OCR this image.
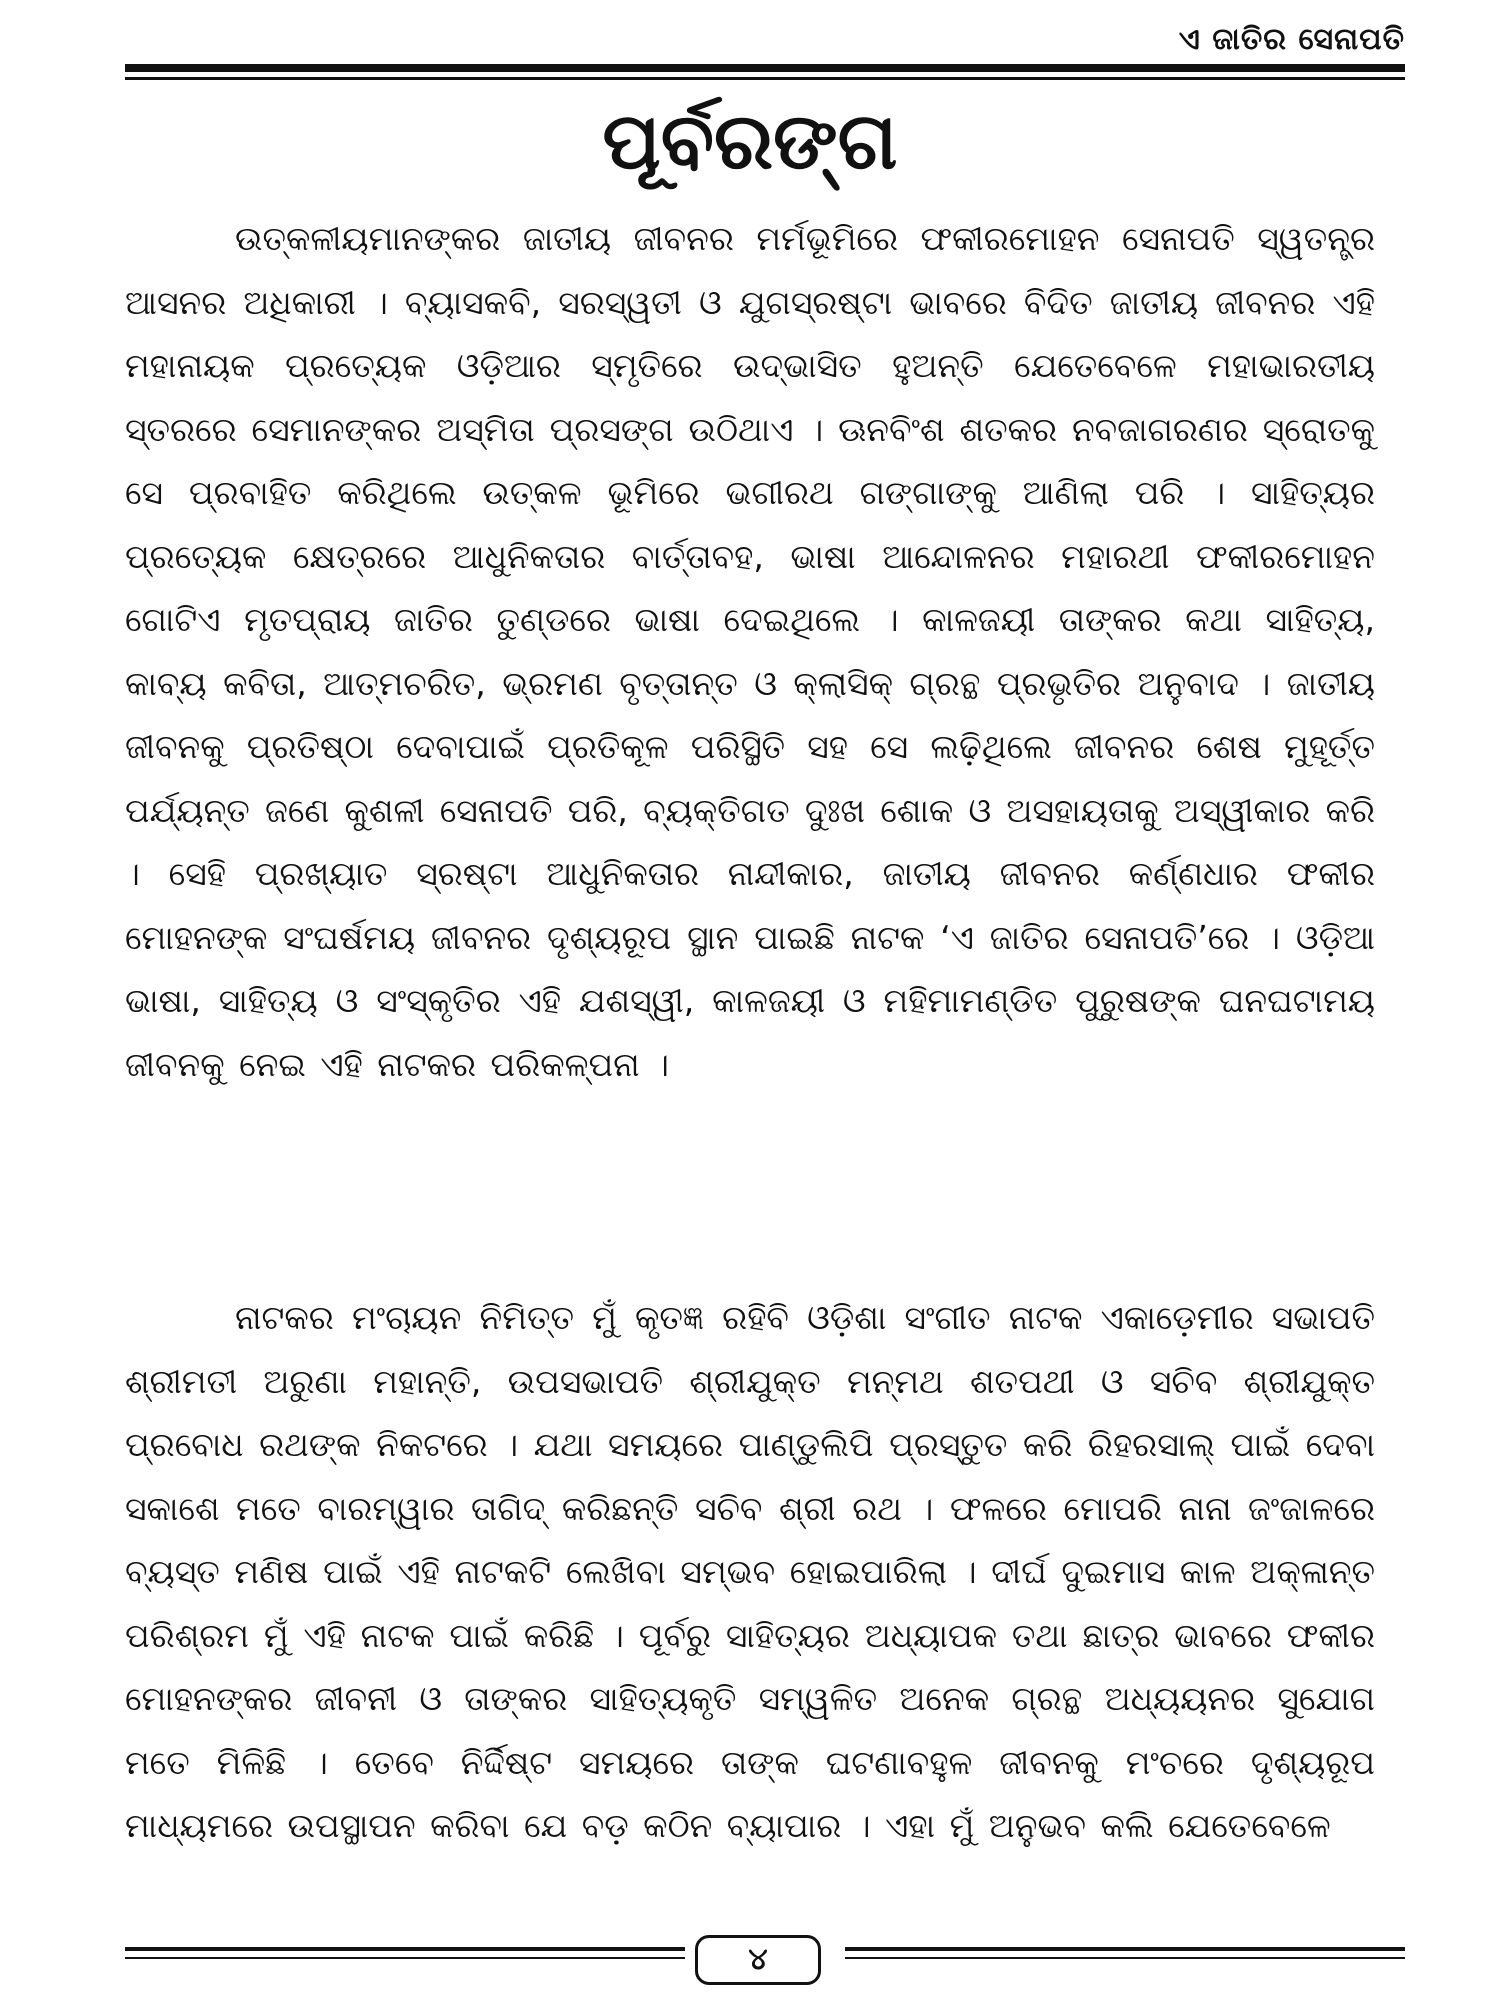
ଏ ଜାତିର ସେନାପତି
ପୂର୍ବରଙ୍ଗ

ଉତ୍କଳୀୟମାନଙ୍କର ଜାତୀୟ ଜୀବନର ମର୍ମଭୂମିରେ ଫକୀରମୋହନ ସେନାପତି ସ୍ୱତନ୍ତ୍ର ଆସନର ଅଧିକାରୀ । ବ୍ୟାସକବି, ସରସ୍ୱତୀ ଓ ଯୁଗସ୍ରଷ୍ଟା ଭାବରେ ବିଦିତ ଜାତୀୟ ଜୀବନର ଏହି ମହାନାୟକ ପ୍ରତ୍ୟେକ ଓଡ଼ିଆର ସ୍ମୃତିରେ ଉଦ୍‌ଭାସିତ ହୁଅନ୍ତି ଯେତେବେଳେ ମହାଭାରତୀୟ ସ୍ତରରେ ସେମାନଙ୍କର ଅସ୍ମିତା ପ୍ରସଙ୍ଗ ଉଠିଥାଏ । ଊନବିଂଶ ଶତକର ନବଜାଗରଣର ସ୍ରୋତକୁ ସେ ପ୍ରବାହିତ କରିଥିଲେ ଉତ୍କଳ ଭୂମିରେ ଭଗୀରଥ ଗଙ୍ଗାଙ୍କୁ ଆଣିଲା ପରି । ସାହିତ୍ୟର ପ୍ରତ୍ୟେକ କ୍ଷେତ୍ରରେ ଆଧୁନିକତାର ବାର୍ତ୍ତାବହ, ଭାଷା ଆନ୍ଦୋଳନର ମହାରଥୀ ଫକୀରମୋହନ ଗୋଟିଏ ମୃତପ୍ରାୟ ଜାତିର ତୁଣ୍ଡରେ ଭାଷା ଦେଇଥିଲେ । କାଳଜୟୀ ତାଙ୍କର କଥା ସାହିତ୍ୟ, କାବ୍ୟ କବିତା, ଆତ୍ମଚରିତ, ଭ୍ରମଣ ବୃତ୍ତାନ୍ତ ଓ କ୍ଲାସିକ୍ ଗ୍ରନ୍ଥ ପ୍ରଭୃତିର ଅନୁବାଦ । ଜାତୀୟ ଜୀବନକୁ ପ୍ରତିଷ୍ଠା ଦେବାପାଇଁ ପ୍ରତିକୂଳ ପରିସ୍ଥିତି ସହ ସେ ଲଢ଼ିଥିଲେ ଜୀବନର ଶେଷ ମୁହୂର୍ତ୍ତ ପର୍ଯ୍ୟନ୍ତ ଜଣେ କୁଶଳୀ ସେନାପତି ପରି, ବ୍ୟକ୍ତିଗତ ଦୁଃଖ ଶୋକ ଓ ଅସହାୟତାକୁ ଅସ୍ୱୀକାର କରି । ସେହି ପ୍ରଖ୍ୟାତ ସ୍ରଷ୍ଟା ଆଧୁନିକତାର ନାନ୍ଦୀକାର, ଜାତୀୟ ଜୀବନର କର୍ଣ୍ଣଧାର ଫକୀର ମୋହନଙ୍କ ସଂଘର୍ଷମୟ ଜୀବନର ଦୃଶ୍ୟରୂପ ସ୍ଥାନ ପାଇଛି ନାଟକ ‘ଏ ଜାତିର ସେନାପତି’ରେ । ଓଡ଼ିଆ ଭାଷା, ସାହିତ୍ୟ ଓ ସଂସ୍କୃତିର ଏହି ଯଶସ୍ୱୀ, କାଳଜୟୀ ଓ ମହିମାମଣ୍ଡିତ ପୁରୁଷଙ୍କ ଘନଘଟାମୟ ଜୀବନକୁ ନେଇ ଏହି ନାଟକର ପରିକଳ୍ପନା ।

ନାଟକର ମଂଚାୟନ ନିମିତ୍ତ ମୁଁ କୃତଜ୍ଞ ରହିବି ଓଡ଼ିଶା ସଂଗୀତ ନାଟକ ଏକାଡ଼େମୀର ସଭାପତି ଶ୍ରୀମତୀ ଅରୁଣା ମହାନ୍ତି, ଉପସଭାପତି ଶ୍ରୀଯୁକ୍ତ ମନ୍ମଥ ଶତପଥୀ ଓ ସଚିବ ଶ୍ରୀଯୁକ୍ତ ପ୍ରବୋଧ ରଥଙ୍କ ନିକଟରେ । ଯଥା ସମୟରେ ପାଣ୍ଡୁଲିପି ପ୍ରସ୍ତୁତ କରି ରିହରସାଲ୍ ପାଇଁ ଦେବା ସକାଶେ ମତେ ବାରମ୍ୱାର ତାଗିଦ୍ କରିଛନ୍ତି ସଚିବ ଶ୍ରୀ ରଥ । ଫଳରେ ମୋପରି ନାନା ଜଂଜାଳରେ ବ୍ୟସ୍ତ ମଣିଷ ପାଇଁ ଏହି ନାଟକଟି ଲେଖିବା ସମ୍ଭବ ହୋଇପାରିଲା । ଦୀର୍ଘ ଦୁଇମାସ କାଳ ଅକ୍ଳାନ୍ତ ପରିଶ୍ରମ ମୁଁ ଏହି ନାଟକ ପାଇଁ କରିଛି । ପୂର୍ବରୁ ସାହିତ୍ୟର ଅଧ୍ୟାପକ ତଥା ଛାତ୍ର ଭାବରେ ଫକୀର ମୋହନଙ୍କର ଜୀବନୀ ଓ ତାଙ୍କର ସାହିତ୍ୟକୃତି ସମ୍ୱଳିତ ଅନେକ ଗ୍ରନ୍ଥ ଅଧ୍ୟୟନର ସୁଯୋଗ ମତେ ମିଳିଛି । ତେବେ ନିର୍ଦ୍ଦିଷ୍ଟ ସମୟରେ ତାଙ୍କ ଘଟଣାବହୁଳ ଜୀବନକୁ ମଂଚରେ ଦୃଶ୍ୟରୂପ ମାଧ୍ୟମରେ ଉପସ୍ଥାପନ କରିବା ଯେ ବଡ଼ କଠିନ ବ୍ୟାପାର । ଏହା ମୁଁ ଅନୁଭବ କଲି ଯେତେବେଳେ

୪
